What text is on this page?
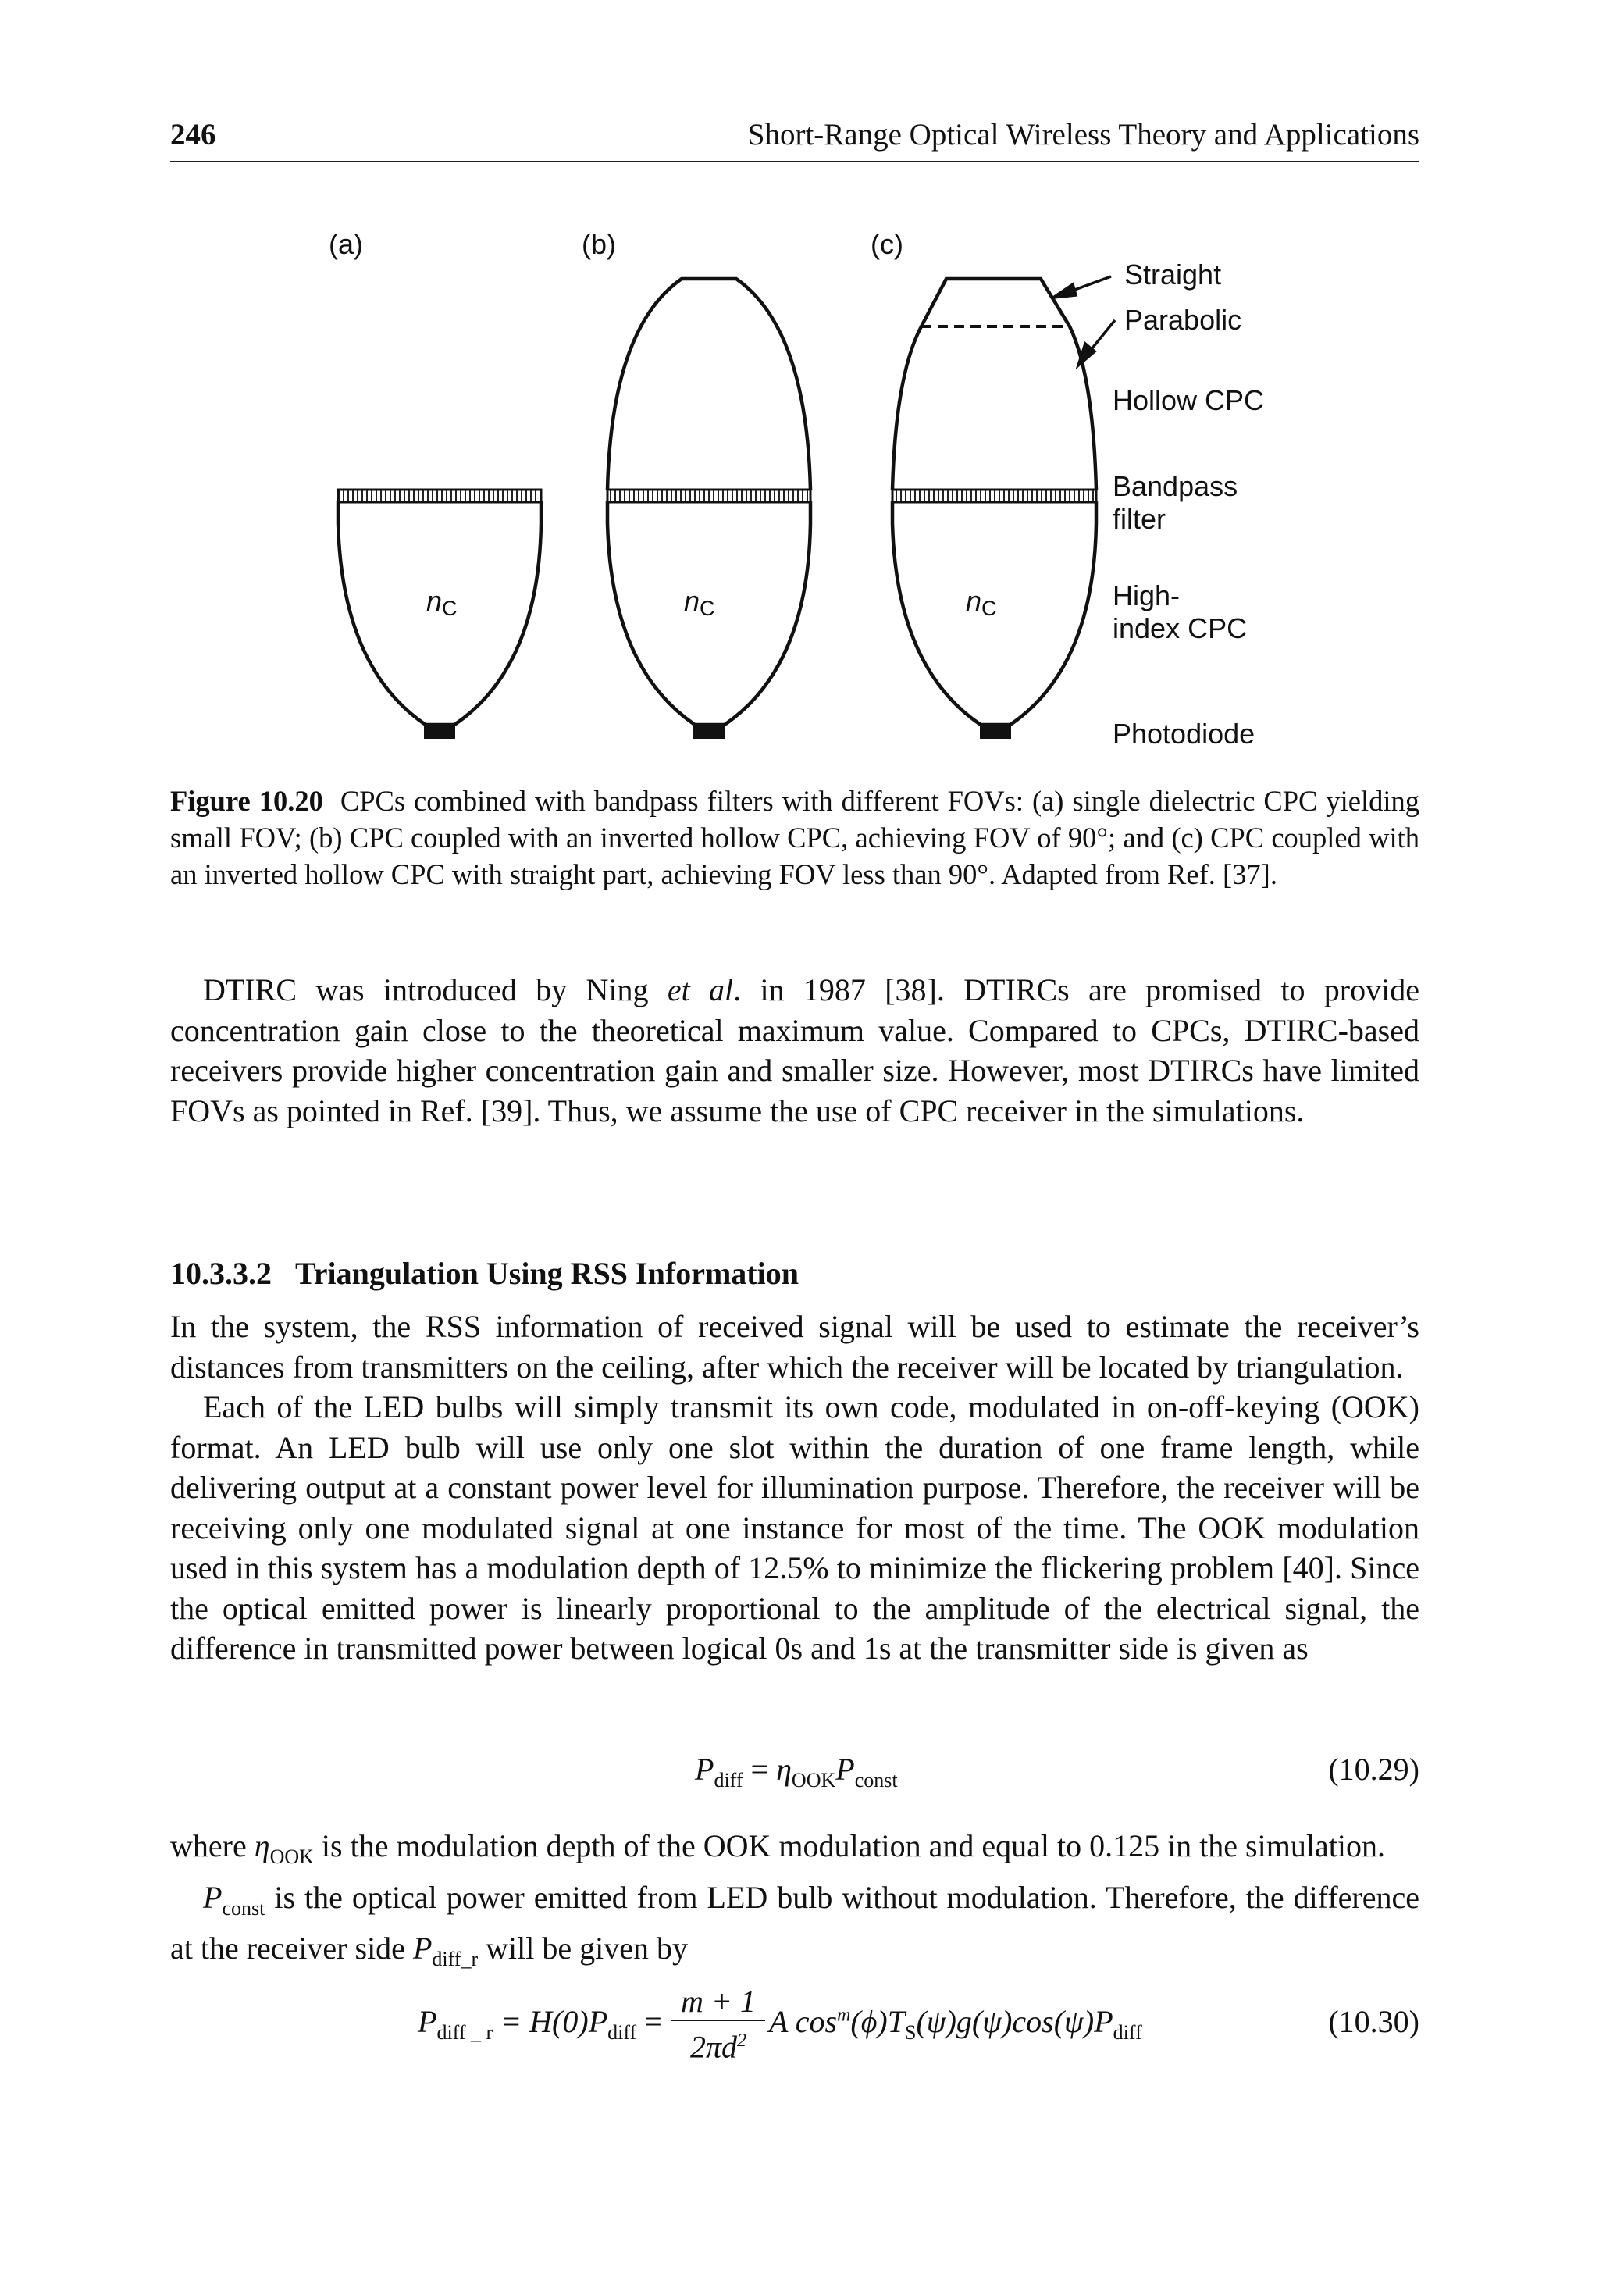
246	Short-Range Optical Wireless Theory and Applications
(a)	(b)	(c)
nC	nC	nC
Straight
Parabolic
Hollow CPC
Bandpass
filter
High-
index CPC
Photodiode
Figure 10.20 CPCs combined with bandpass filters with different FOVs: (a) single dielectric CPC yielding small FOV; (b) CPC coupled with an inverted hollow CPC, achieving FOV of 90°; and (c) CPC coupled with an inverted hollow CPC with straight part, achieving FOV less than 90°. Adapted from Ref. [37].

DTIRC was introduced by Ning et al. in 1987 [38]. DTIRCs are promised to provide concentration gain close to the theoretical maximum value. Compared to CPCs, DTIRC-based receivers provide higher concentration gain and smaller size. However, most DTIRCs have limited FOVs as pointed in Ref. [39]. Thus, we assume the use of CPC receiver in the simulations.

10.3.3.2 Triangulation Using RSS Information

In the system, the RSS information of received signal will be used to estimate the receiver’s distances from transmitters on the ceiling, after which the receiver will be located by triangulation.

Each of the LED bulbs will simply transmit its own code, modulated in on-off-keying (OOK) format. An LED bulb will use only one slot within the duration of one frame length, while delivering output at a constant power level for illumination purpose. Therefore, the receiver will be receiving only one modulated signal at one instance for most of the time. The OOK modulation used in this system has a modulation depth of 12.5% to minimize the flickering problem [40]. Since the optical emitted power is linearly proportional to the amplitude of the electrical signal, the difference in transmitted power between logical 0s and 1s at the transmitter side is given as

$P_{diff} = \eta_{OOK}P_{const}$	(10.29)

where $\eta_{OOK}$ is the modulation depth of the OOK modulation and equal to 0.125 in the simulation.

$P_{const}$ is the optical power emitted from LED bulb without modulation. Therefore, the difference at the receiver side $P_{diff\_r}$ will be given by

$P_{diff \_ r} = H(0)P_{diff}$ =
m + 1
$2\pi d^2$
A $\cos^m(\phi)T_S(\psi)g(\psi)\cos(\psi)P_{diff}$	(10.30)
